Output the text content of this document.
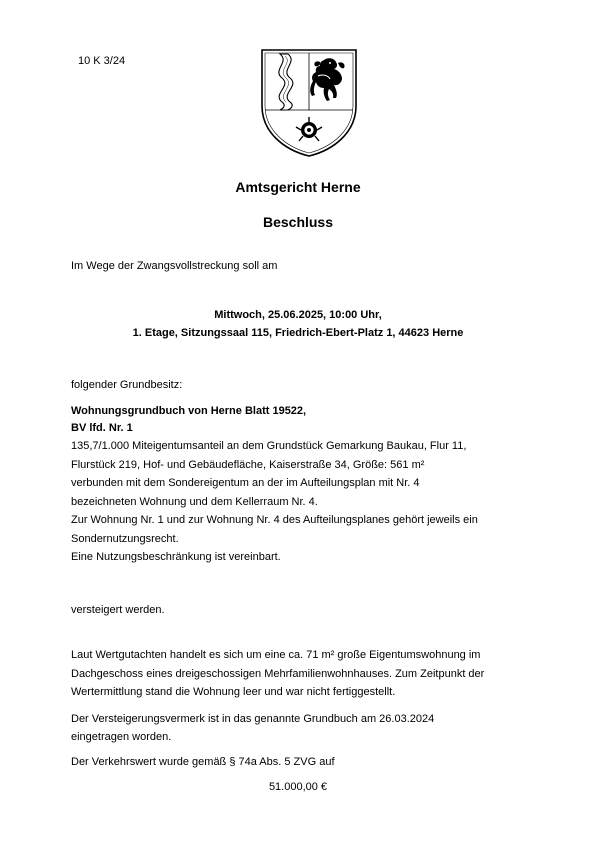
10 K 3/24
Amtsgericht Herne
Beschluss
Im Wege der Zwangsvollstreckung soll am
Mittwoch, 25.06.2025, 10:00 Uhr,
1. Etage, Sitzungssaal 115, Friedrich-Ebert-Platz 1, 44623 Herne
folgender Grundbesitz:
Wohnungsgrundbuch von Herne Blatt 19522,
BV lfd. Nr. 1
135,7/1.000 Miteigentumsanteil an dem Grundstück Gemarkung Baukau, Flur 11,
Flurstück 219, Hof- und Gebäudefläche, Kaiserstraße 34, Größe: 561 m²
verbunden mit dem Sondereigentum an der im Aufteilungsplan mit Nr. 4
bezeichneten Wohnung und dem Kellerraum Nr. 4.
Zur Wohnung Nr. 1 und zur Wohnung Nr. 4 des Aufteilungsplanes gehört jeweils ein
Sondernutzungsrecht.
Eine Nutzungsbeschränkung ist vereinbart.
versteigert werden.
Laut Wertgutachten handelt es sich um eine ca. 71 m² große Eigentumswohnung im
Dachgeschoss eines dreigeschossigen Mehrfamilienwohnhauses. Zum Zeitpunkt der
Wertermittlung stand die Wohnung leer und war nicht fertiggestellt.
Der Versteigerungsvermerk ist in das genannte Grundbuch am 26.03.2024
eingetragen worden.
Der Verkehrswert wurde gemäß § 74a Abs. 5 ZVG auf
51.000,00 €
